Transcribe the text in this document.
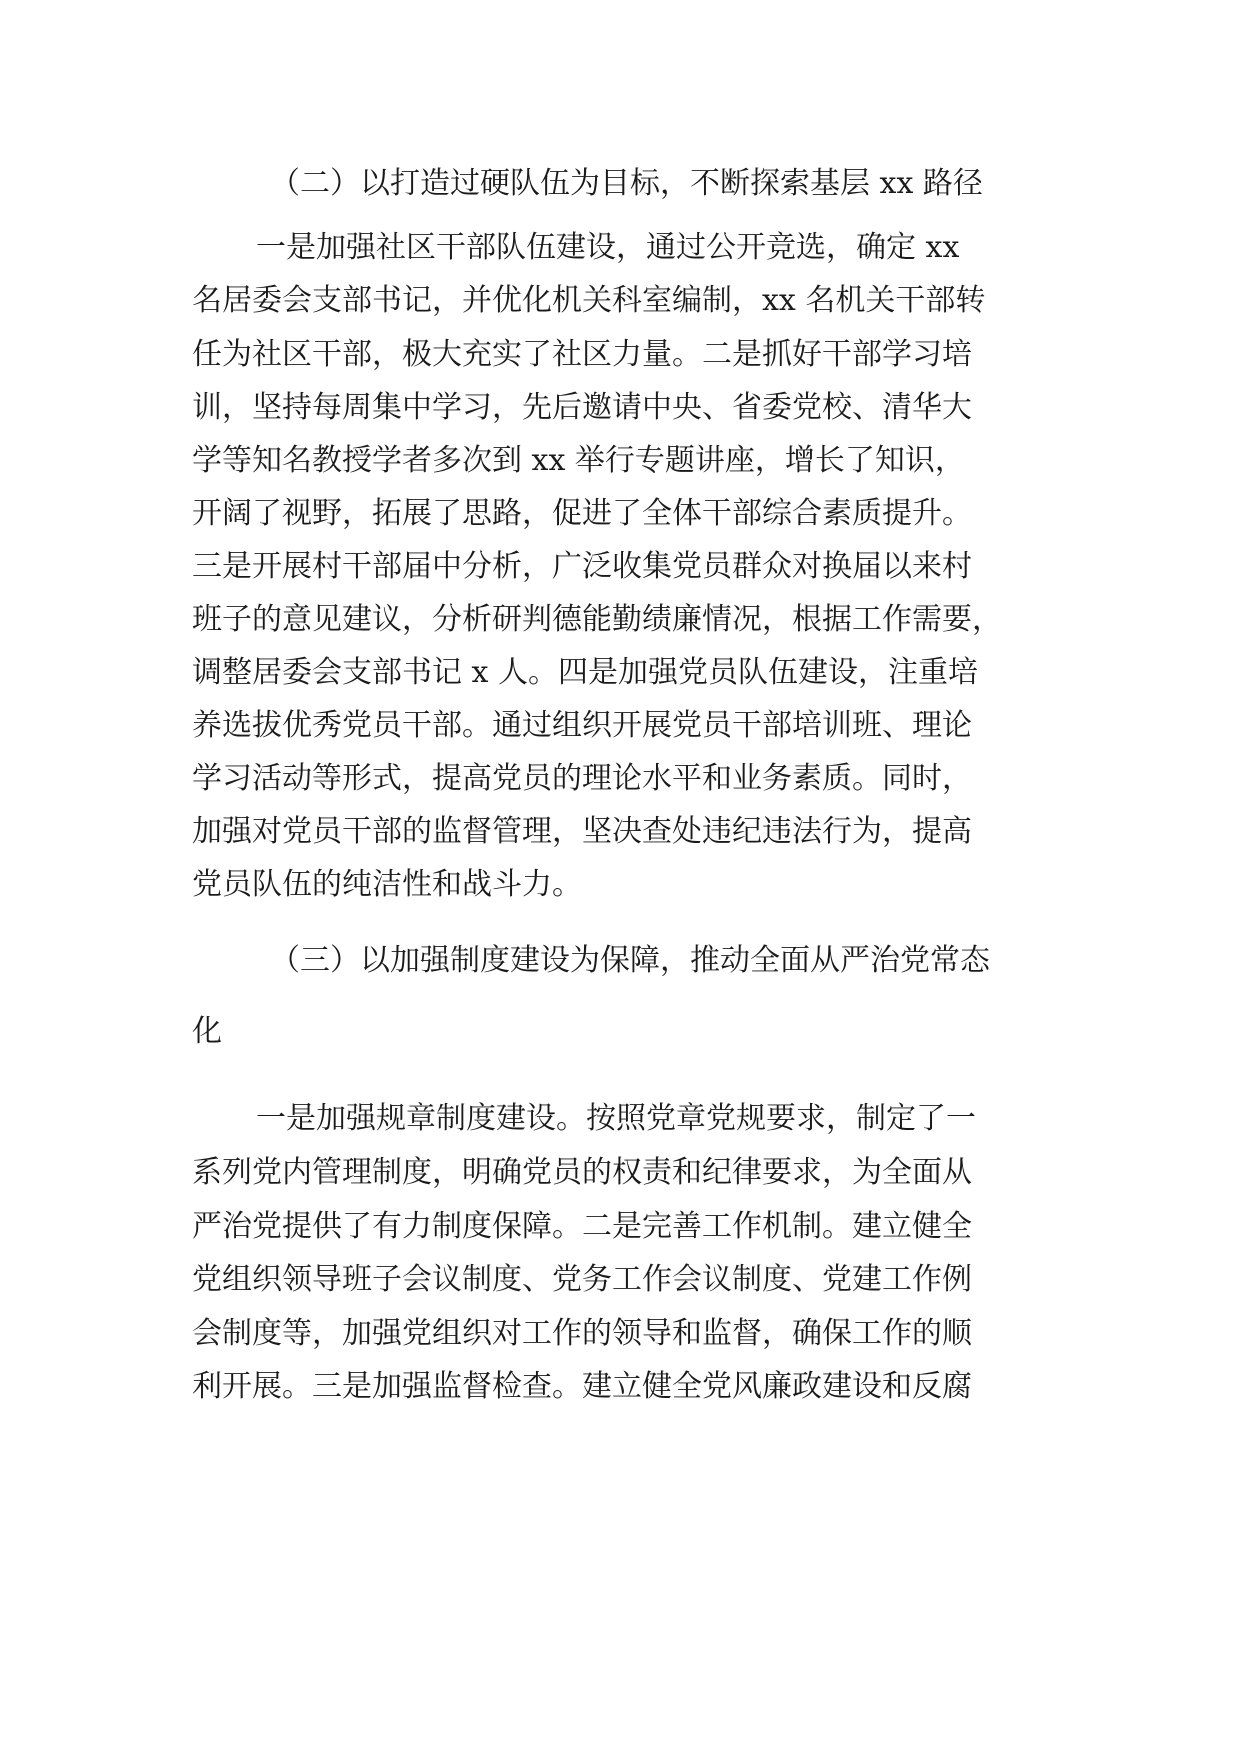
（二）以打造过硬队伍为目标，不断探索基层 xx 路径
一是加强社区干部队伍建设，通过公开竞选，确定 xx
名居委会支部书记，并优化机关科室编制，xx 名机关干部转
任为社区干部，极大充实了社区力量。二是抓好干部学习培
训，坚持每周集中学习，先后邀请中央、省委党校、清华大
学等知名教授学者多次到 xx 举行专题讲座，增长了知识，
开阔了视野，拓展了思路，促进了全体干部综合素质提升。
三是开展村干部届中分析，广泛收集党员群众对换届以来村
班子的意见建议，分析研判德能勤绩廉情况，根据工作需要，
调整居委会支部书记 x 人。四是加强党员队伍建设，注重培
养选拔优秀党员干部。通过组织开展党员干部培训班、理论
学习活动等形式，提高党员的理论水平和业务素质。同时，
加强对党员干部的监督管理，坚决查处违纪违法行为，提高
党员队伍的纯洁性和战斗力。
（三）以加强制度建设为保障，推动全面从严治党常态
化
一是加强规章制度建设。按照党章党规要求，制定了一
系列党内管理制度，明确党员的权责和纪律要求，为全面从
严治党提供了有力制度保障。二是完善工作机制。建立健全
党组织领导班子会议制度、党务工作会议制度、党建工作例
会制度等，加强党组织对工作的领导和监督，确保工作的顺
利开展。三是加强监督检查。建立健全党风廉政建设和反腐
